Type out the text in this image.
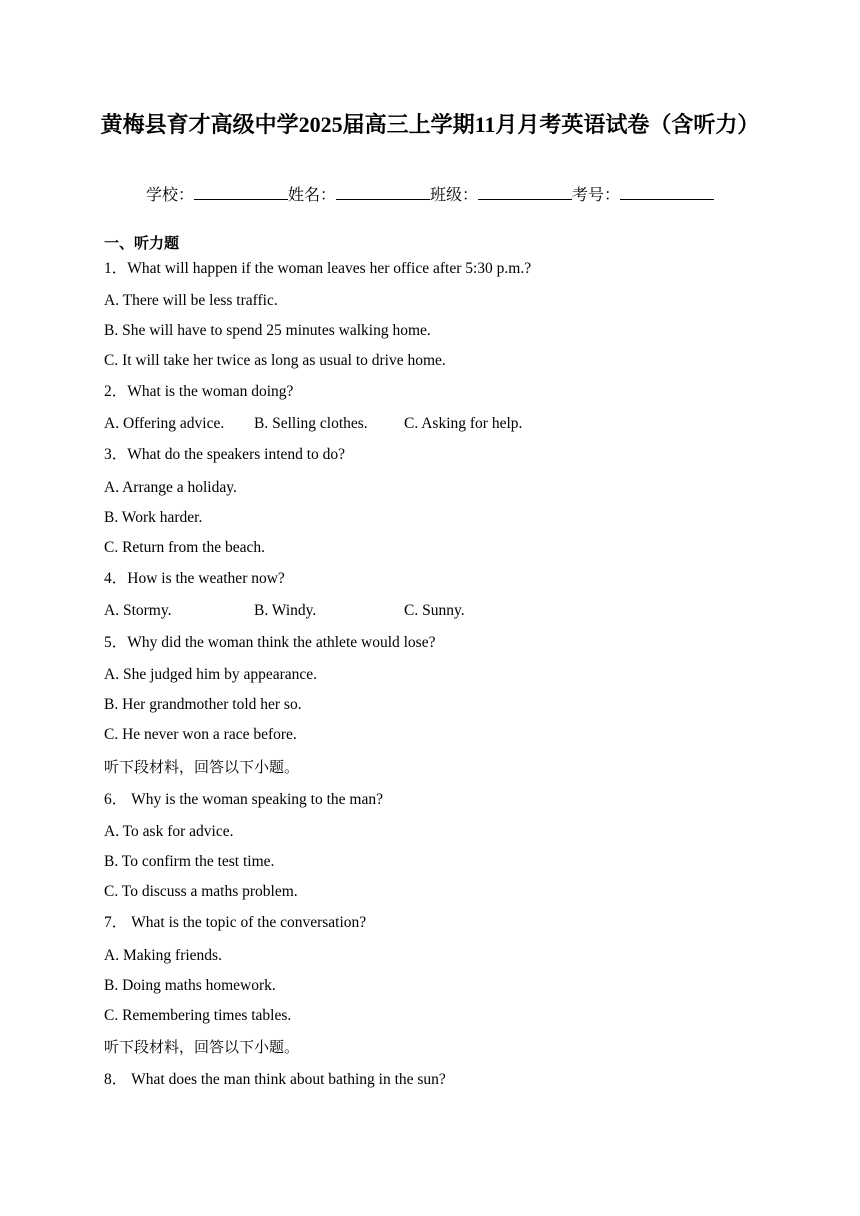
黄梅县育才高级中学2025届高三上学期11月月考英语试卷（含听力）
学校：	姓名：	班级：	考号：
一、听力题
1．What will happen if the woman leaves her office after 5:30 p.m.?
A. There will be less traffic.
B. She will have to spend 25 minutes walking home.
C. It will take her twice as long as usual to drive home.
2．What is the woman doing?
A. Offering advice. B. Selling clothes. C. Asking for help.
3．What do the speakers intend to do?
A. Arrange a holiday.
B. Work harder.
C. Return from the beach.
4．How is the weather now?
A. Stormy.	B. Windy.	C. Sunny.
5．Why did the woman think the athlete would lose?
A. She judged him by appearance.
B. Her grandmother told her so.
C. He never won a race before.
听下段材料，回答以下小题。
6． Why is the woman speaking to the man?
A. To ask for advice.
B. To confirm the test time.
C. To discuss a maths problem.
7． What is the topic of the conversation?
A. Making friends.
B. Doing maths homework.
C. Remembering times tables.
听下段材料，回答以下小题。
8． What does the man think about bathing in the sun?
